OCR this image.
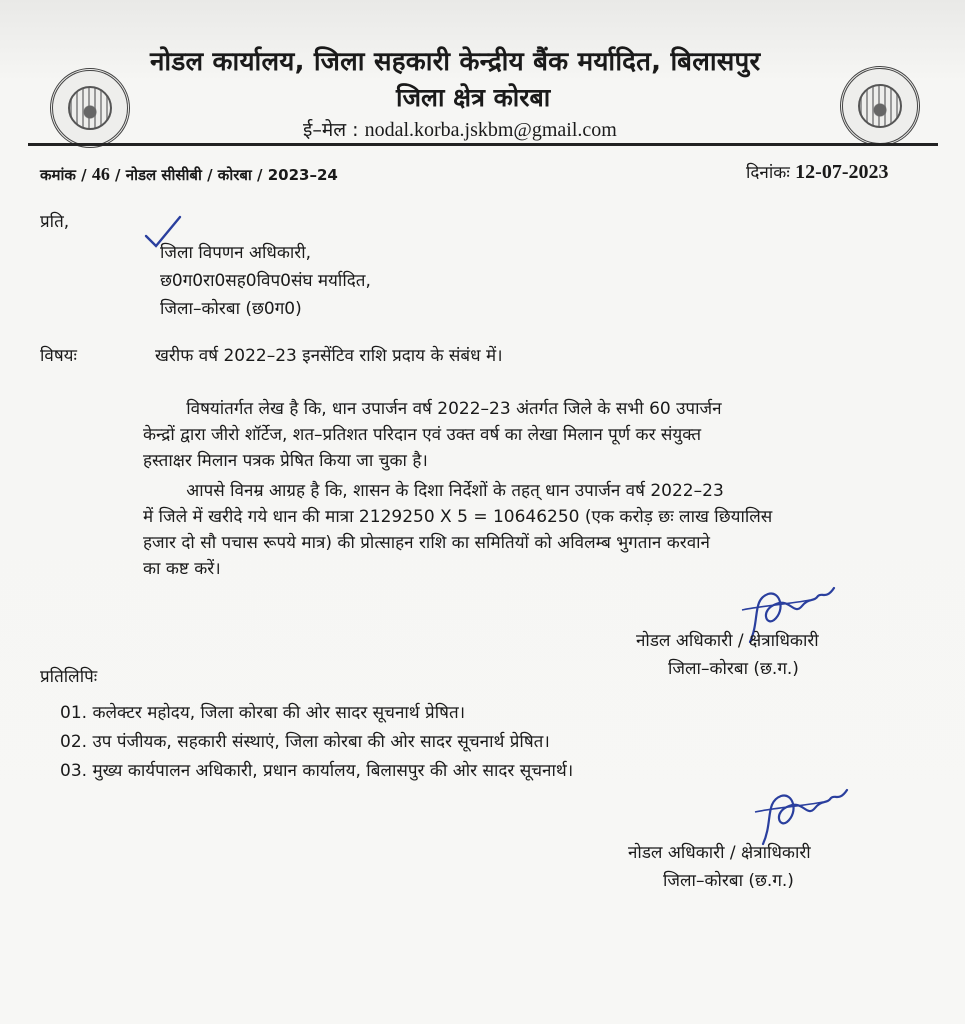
नोडल कार्यालय, जिला सहकारी केन्द्रीय बैंक मर्यादित, बिलासपुर
जिला क्षेत्र कोरबा
ई–मेल : nodal.korba.jskbm@gmail.com
कमांक / 46 / नोडल सीसीबी / कोरबा / 2023–24	दिनांकः 12-07-2023
प्रति,
जिला विपणन अधिकारी,
छ0ग0रा0सह0विप0संघ मर्यादित,
जिला–कोरबा (छ0ग0)
विषयः	खरीफ वर्ष 2022–23 इनसेंटिव राशि प्रदाय के संबंध में।
विषयांतर्गत लेख है कि, धान उपार्जन वर्ष 2022–23 अंतर्गत जिले के सभी 60 उपार्जन
केन्द्रों द्वारा जीरो शॉर्टेज, शत–प्रतिशत परिदान एवं उक्त वर्ष का लेखा मिलान पूर्ण कर संयुक्त
हस्ताक्षर मिलान पत्रक प्रेषित किया जा चुका है।
आपसे विनम्र आग्रह है कि, शासन के दिशा निर्देशों के तहत् धान उपार्जन वर्ष 2022–23
में जिले में खरीदे गये धान की मात्रा 2129250 X 5 = 10646250 (एक करोड़ छः लाख छियालिस
हजार दो सौ पचास रूपये मात्र) की प्रोत्साहन राशि का समितियों को अविलम्ब भुगतान करवाने
का कष्ट करें।
नोडल अधिकारी / क्षेत्राधिकारी
जिला–कोरबा (छ.ग.)
प्रतिलिपिः
01. कलेक्टर महोदय, जिला कोरबा की ओर सादर सूचनार्थ प्रेषित।
02. उप पंजीयक, सहकारी संस्थाएं, जिला कोरबा की ओर सादर सूचनार्थ प्रेषित।
03. मुख्य कार्यपालन अधिकारी, प्रधान कार्यालय, बिलासपुर की ओर सादर सूचनार्थ।
नोडल अधिकारी / क्षेत्राधिकारी
जिला–कोरबा (छ.ग.)
